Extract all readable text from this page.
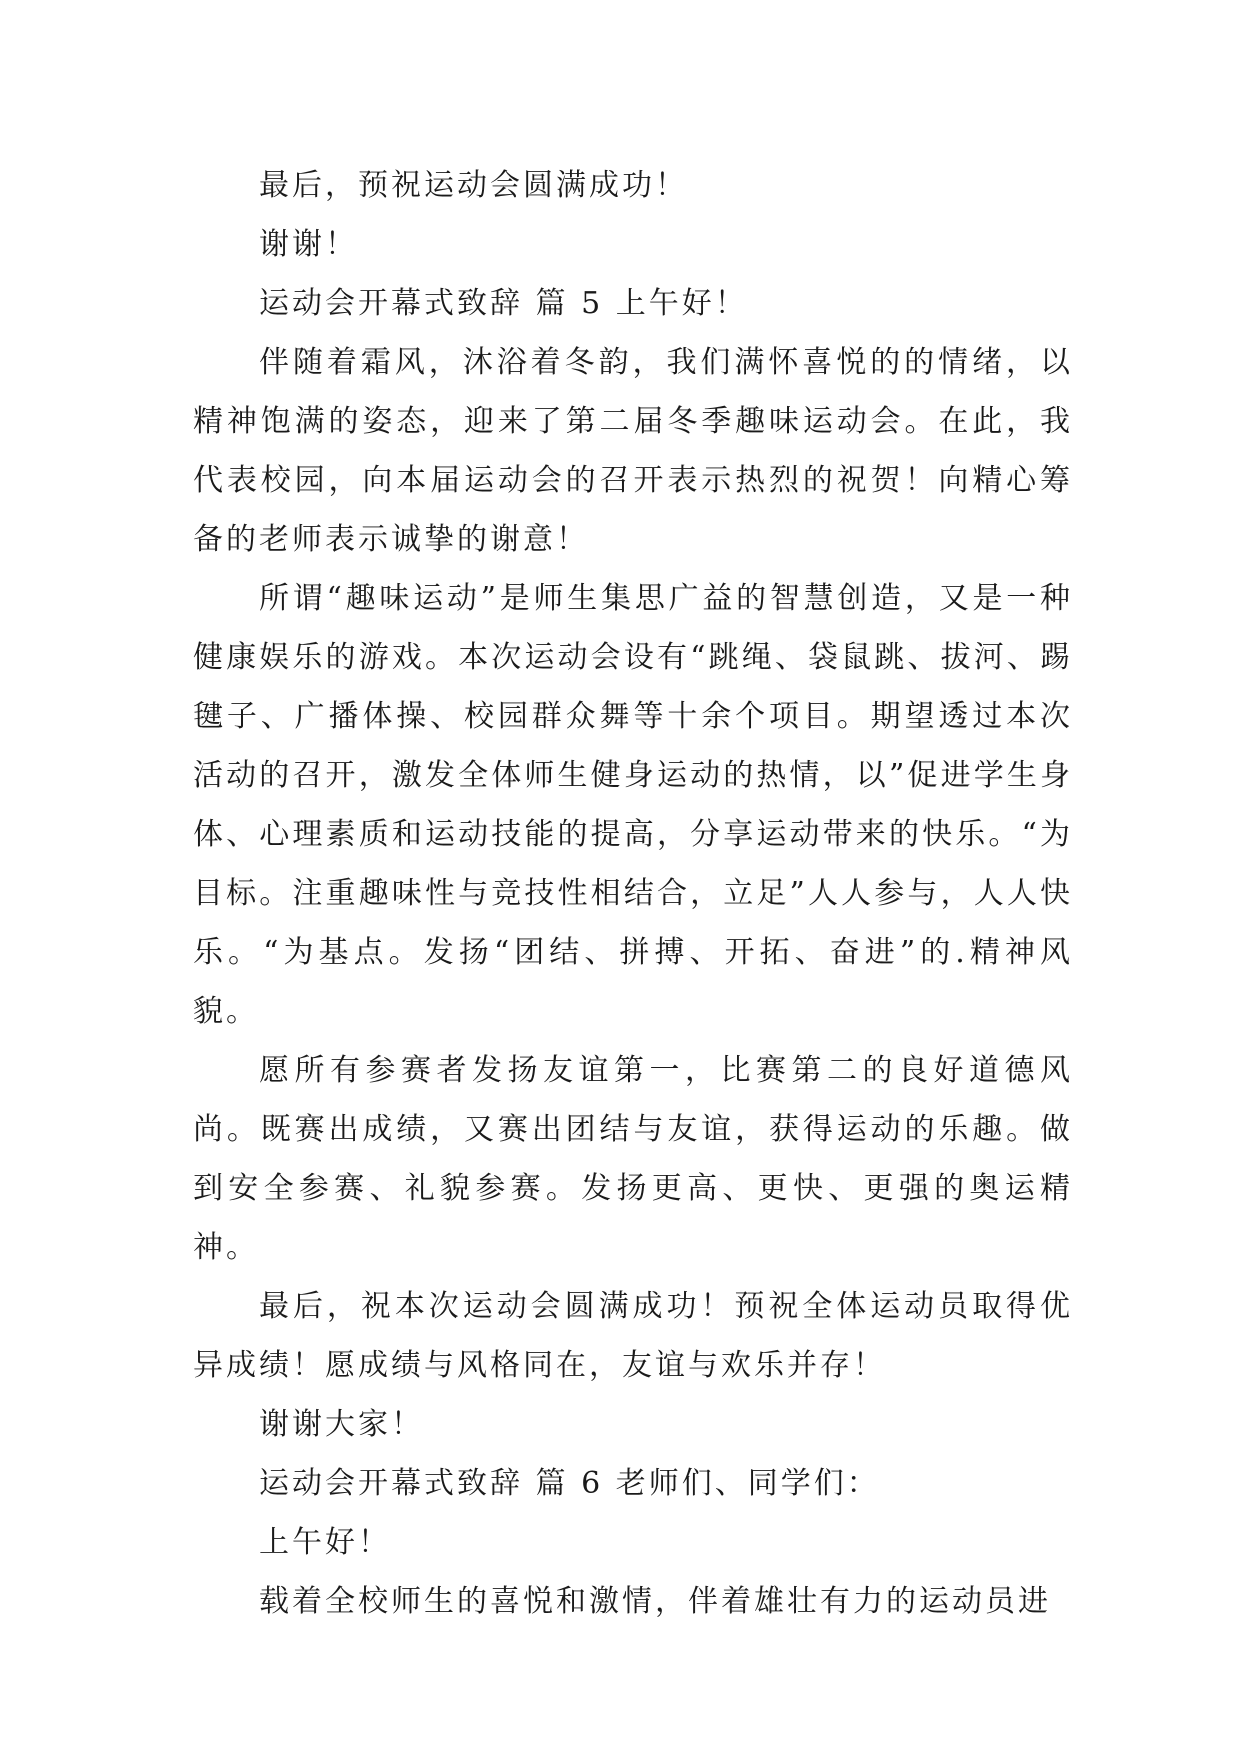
最后，预祝运动会圆满成功！

谢谢！

运动会开幕式致辞 篇 5 上午好！

伴随着霜风，沐浴着冬韵，我们满怀喜悦的的情绪，以精神饱满的姿态，迎来了第二届冬季趣味运动会。在此，我代表校园，向本届运动会的召开表示热烈的祝贺！向精心筹备的老师表示诚挚的谢意！

所谓“趣味运动”是师生集思广益的智慧创造，又是一种健康娱乐的游戏。本次运动会设有“跳绳、袋鼠跳、拔河、踢毽子、广播体操、校园群众舞等十余个项目。期望透过本次活动的召开，激发全体师生健身运动的热情，以”促进学生身体、心理素质和运动技能的提高，分享运动带来的快乐。“为目标。注重趣味性与竞技性相结合，立足”人人参与，人人快乐。“为基点。发扬“团结、拼搏、开拓、奋进”的.精神风貌。

愿所有参赛者发扬友谊第一，比赛第二的良好道德风尚。既赛出成绩，又赛出团结与友谊，获得运动的乐趣。做到安全参赛、礼貌参赛。发扬更高、更快、更强的奥运精神。

最后，祝本次运动会圆满成功！预祝全体运动员取得优异成绩！愿成绩与风格同在，友谊与欢乐并存！

谢谢大家！

运动会开幕式致辞 篇 6 老师们、同学们：

上午好！

载着全校师生的喜悦和激情，伴着雄壮有力的运动员进
